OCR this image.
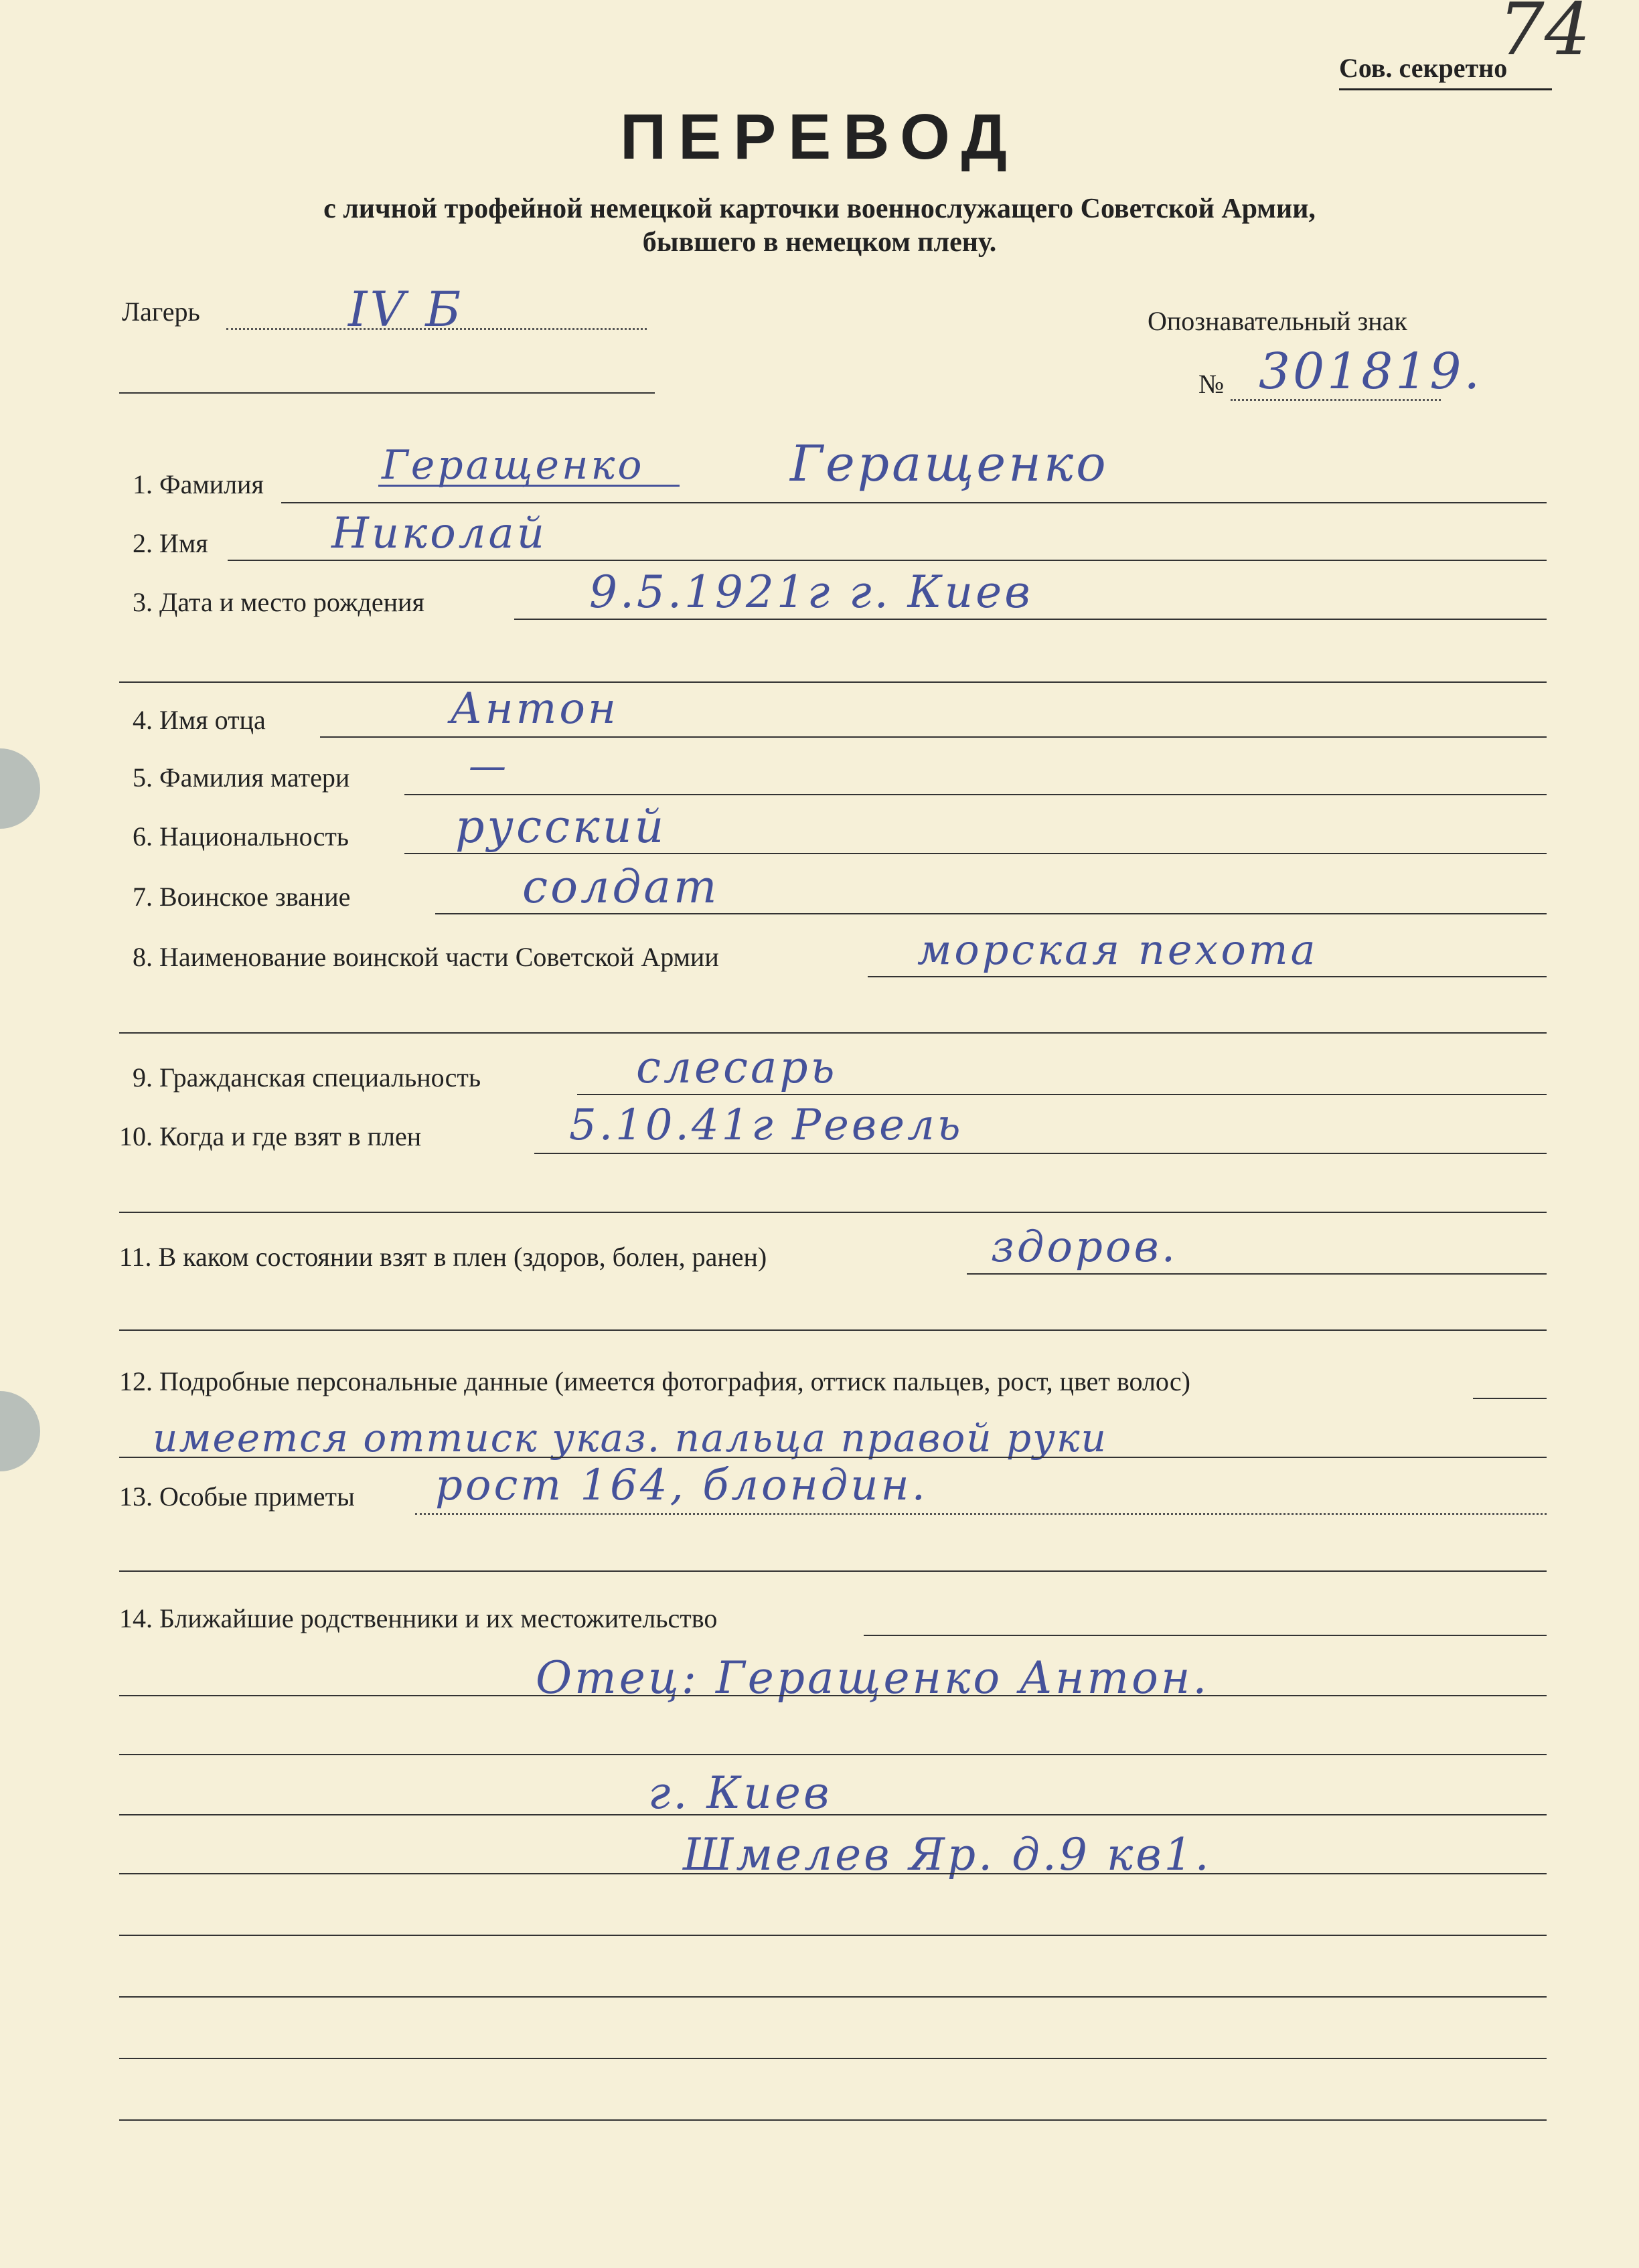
74
Сов. секретно
ПЕРЕВОД
с личной трофейной немецкой карточки военнослужащего Советской Армии,
бывшего в немецком плену.
Лагерь	IV Б	Опознавательный знак
№ 301819.
1. Фамилия	Геращенко	Геращенко
2. Имя	Николай
3. Дата и место рождения	9.5.1921г г. Киев
4. Имя отца	Антон
5. Фамилия матери	—
6. Национальность русский
7. Воинское звание	солдат
8. Наименование воинской части Советской Армии	морская пехота
9. Гражданская специальность	слесарь
10. Когда и где взят в плен	5.10.41г Ревель
11. В каком состоянии взят в плен (здоров, болен, ранен)	здоров.
12. Подробные персональные данные (имеется фотография, оттиск пальцев, рост, цвет волос)
имеется оттиск указ. пальца правой руки
13. Особые приметы рост 164, блондин.
14. Ближайшие родственники и их местожительство
Отец: Геращенко Антон.
г. Киев
Шмелев Яр. д.9 кв1.
